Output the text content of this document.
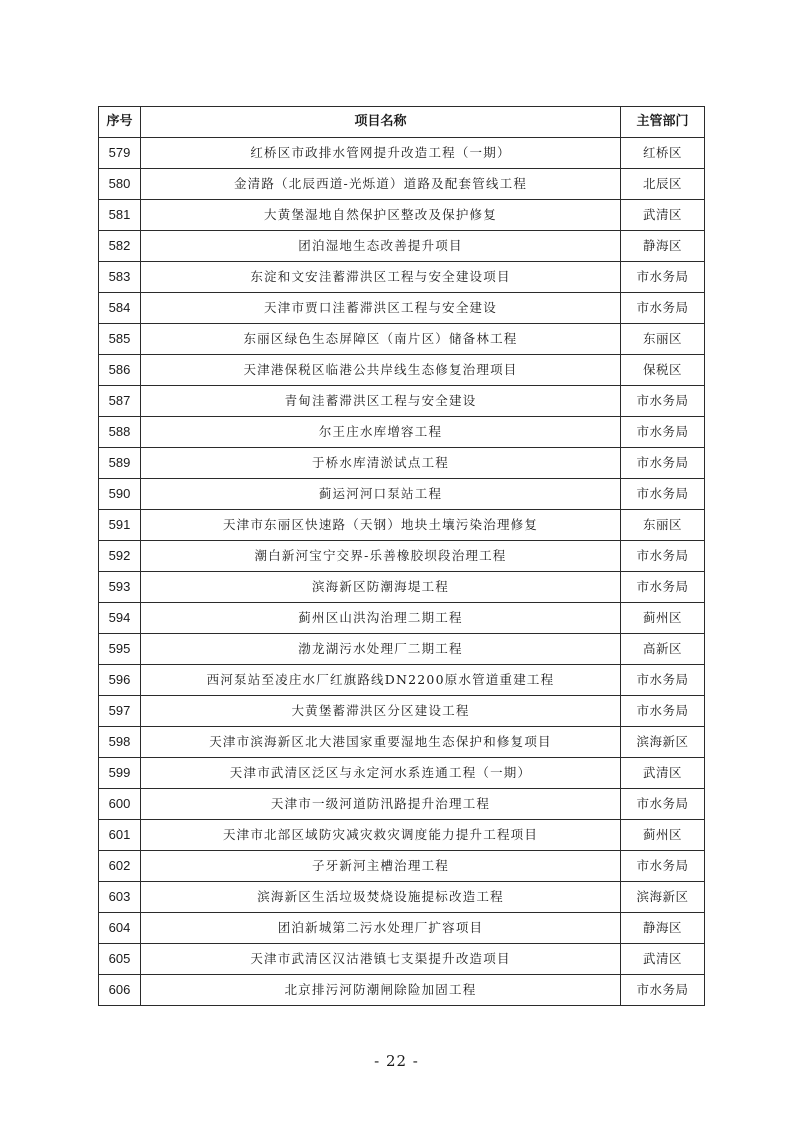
序号	项目名称	主管部门
579	红桥区市政排水管网提升改造工程（一期）	红桥区
580	金清路（北辰西道-光烁道）道路及配套管线工程	北辰区
581	大黄堡湿地自然保护区整改及保护修复	武清区
582	团泊湿地生态改善提升项目	静海区
583	东淀和文安洼蓄滞洪区工程与安全建设项目	市水务局
584	天津市贾口洼蓄滞洪区工程与安全建设	市水务局
585	东丽区绿色生态屏障区（南片区）储备林工程	东丽区
586	天津港保税区临港公共岸线生态修复治理项目	保税区
587	青甸洼蓄滞洪区工程与安全建设	市水务局
588	尔王庄水库增容工程	市水务局
589	于桥水库清淤试点工程	市水务局
590	蓟运河河口泵站工程	市水务局
591	天津市东丽区快速路（天钢）地块土壤污染治理修复	东丽区
592	潮白新河宝宁交界-乐善橡胶坝段治理工程	市水务局
593	滨海新区防潮海堤工程	市水务局
594	蓟州区山洪沟治理二期工程	蓟州区
595	渤龙湖污水处理厂二期工程	高新区
596	西河泵站至凌庄水厂红旗路线DN2200原水管道重建工程	市水务局
597	大黄堡蓄滞洪区分区建设工程	市水务局
598	天津市滨海新区北大港国家重要湿地生态保护和修复项目	滨海新区
599	天津市武清区泛区与永定河水系连通工程（一期）	武清区
600	天津市一级河道防汛路提升治理工程	市水务局
601	天津市北部区域防灾减灾救灾调度能力提升工程项目	蓟州区
602	子牙新河主槽治理工程	市水务局
603	滨海新区生活垃圾焚烧设施提标改造工程	滨海新区
604	团泊新城第二污水处理厂扩容项目	静海区
605	天津市武清区汉沽港镇七支渠提升改造项目	武清区
606	北京排污河防潮闸除险加固工程	市水务局
- 22 -
